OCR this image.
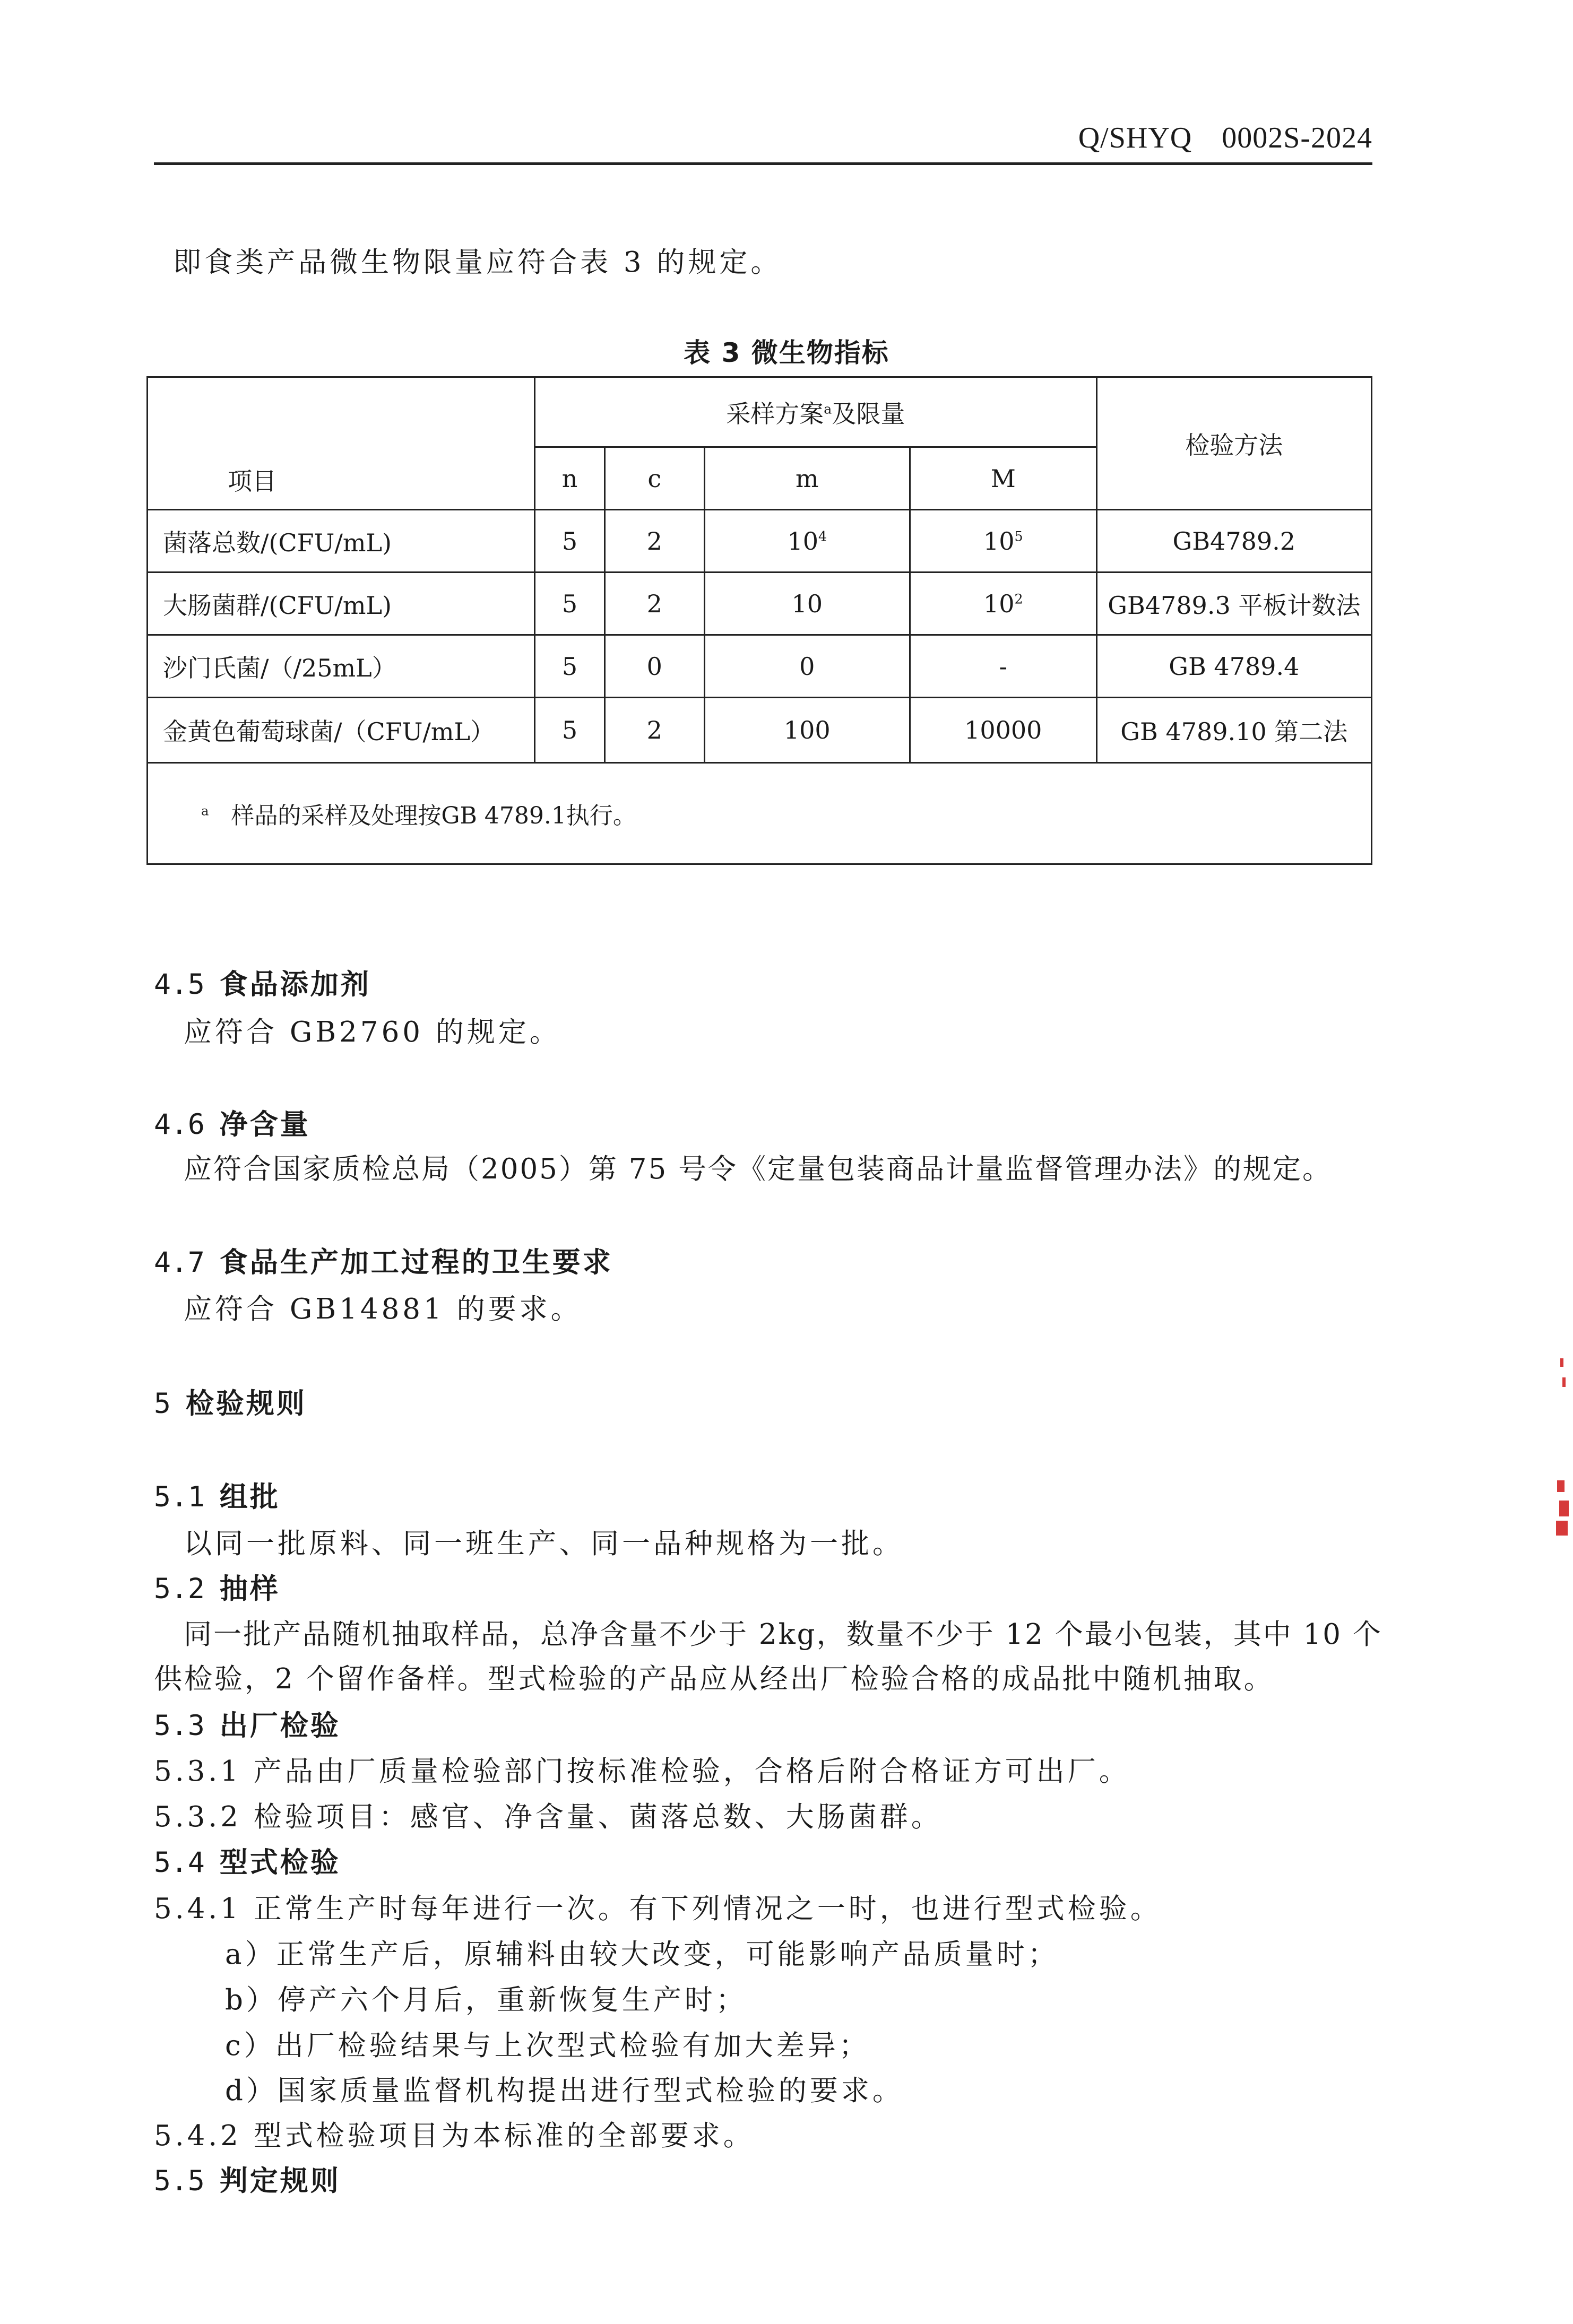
Q/SHYQ 0002S-2024
即食类产品微生物限量应符合表 3 的规定。
表 3 微生物指标
项目	采样方案$^a$及限量				检验方法
	n	c	m	M	
菌落总数/(CFU/mL)	5	2	$10^4$	$10^5$	GB4789.2
大肠菌群/(CFU/mL)	5	2	10	$10^2$	GB4789.3 平板计数法
沙门氏菌/（/25mL）	5	0	0	-	GB 4789.4
金黄色葡萄球菌/（CFU/mL）	5	2	100	10000	GB 4789.10 第二法
$^a$ 样品的采样及处理按GB 4789.1执行。					
4.5 食品添加剂
应符合 GB2760 的规定。
4.6 净含量
应符合国家质检总局（2005）第 75 号令《定量包装商品计量监督管理办法》的规定。
4.7 食品生产加工过程的卫生要求
应符合 GB14881 的要求。
5 检验规则
5.1 组批
以同一批原料、同一班生产、同一品种规格为一批。
5.2 抽样
同一批产品随机抽取样品，总净含量不少于 2kg，数量不少于 12 个最小包装，其中 10 个
供检验，2 个留作备样。型式检验的产品应从经出厂检验合格的成品批中随机抽取。
5.3 出厂检验
5.3.1 产品由厂质量检验部门按标准检验，合格后附合格证方可出厂。
5.3.2 检验项目：感官、净含量、菌落总数、大肠菌群。
5.4 型式检验
5.4.1 正常生产时每年进行一次。有下列情况之一时，也进行型式检验。
a）正常生产后，原辅料由较大改变，可能影响产品质量时；
b）停产六个月后，重新恢复生产时；
c）出厂检验结果与上次型式检验有加大差异；
d）国家质量监督机构提出进行型式检验的要求。
5.4.2 型式检验项目为本标准的全部要求。
5.5 判定规则
